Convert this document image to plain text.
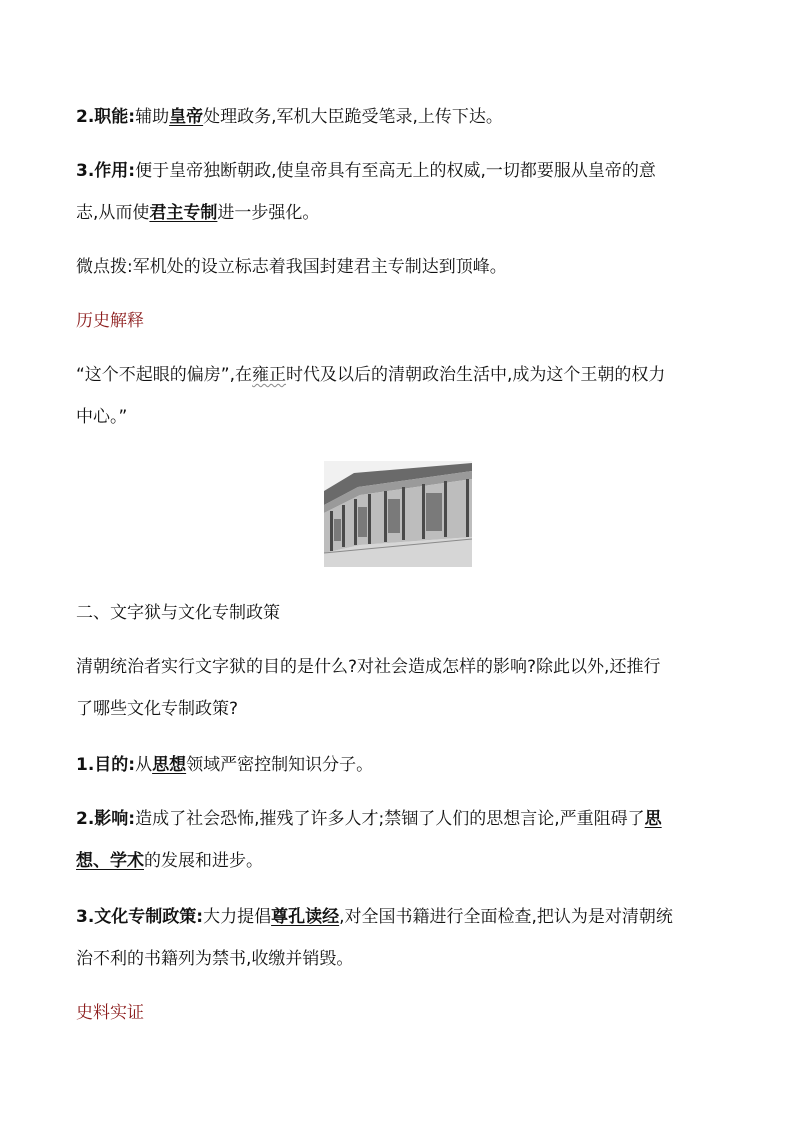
2.职能:辅助皇帝处理政务,军机大臣跪受笔录,上传下达。
3.作用:便于皇帝独断朝政,使皇帝具有至高无上的权威,一切都要服从皇帝的意
志,从而使君主专制进一步强化。
微点拨:军机处的设立标志着我国封建君主专制达到顶峰。
历史解释
“这个不起眼的偏房”,在雍正时代及以后的清朝政治生活中,成为这个王朝的权力
中心。”
二、文字狱与文化专制政策
清朝统治者实行文字狱的目的是什么?对社会造成怎样的影响?除此以外,还推行
了哪些文化专制政策?
1.目的:从思想领域严密控制知识分子。
2.影响:造成了社会恐怖,摧残了许多人才;禁锢了人们的思想言论,严重阻碍了思
想、学术的发展和进步。
3.文化专制政策:大力提倡尊孔读经,对全国书籍进行全面检查,把认为是对清朝统
治不利的书籍列为禁书,收缴并销毁。
史料实证
